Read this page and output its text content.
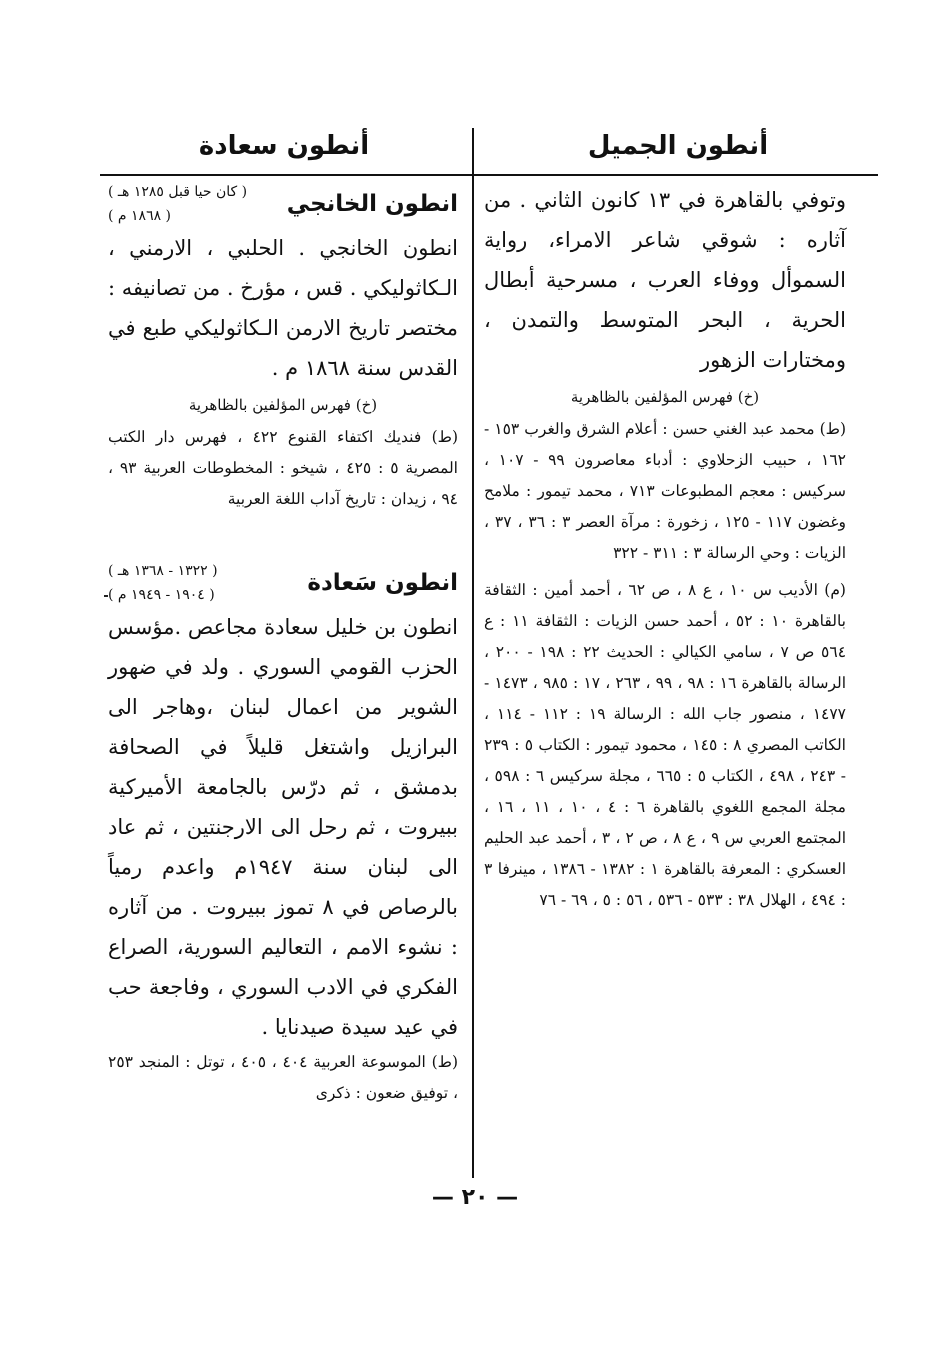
أنطون الجميل
أنطون سعادة

وتوفي بالقاهرة في ١٣ كانون الثاني . من آثاره : شوقي شاعر الامراء، رواية السموأل ووفاء العرب ، مسرحية أبطال الحرية ، البحر المتوسط والتمدن ، ومختارات الزهور

(خ) فهرس المؤلفين بالظاهرية

(ط) محمد عبد الغني حسن : أعلام الشرق والغرب ١٥٣ - ١٦٢ ، حبيب الزحلاوي : أدباء معاصرون ٩٩ - ١٠٧ ، سركيس : معجم المطبوعات ٧١٣ ، محمد تيمور : ملامح وغضون ١١٧ - ١٢٥ ، زخورة : مرآة العصر ٣ : ٣٦ ، ٣٧ ، الزيات : وحي الرسالة ٣ : ٣١١ - ٣٢٢

(م) الأديب س ١٠ ، ع ٨ ، ص ٦٢ ، أحمد أمين : الثقافة بالقاهرة ١٠ : ٥٢ ، أحمد حسن الزيات : الثقافة ١١ : ع ٥٦٤ ص ٧ ، سامي الكيالي : الحديث ٢٢ : ١٩٨ - ٢٠٠ ، الرسالة بالقاهرة ١٦ : ٩٨ ، ٩٩ ، ٢٦٣ ، ١٧ : ٩٨٥ ، ١٤٧٣ - ١٤٧٧ ، منصور جاب الله : الرسالة ١٩ : ١١٢ - ١١٤ ، الكاتب المصري ٨ : ١٤٥ ، محمود تيمور : الكتاب ٥ : ٢٣٩ - ٢٤٣ ، ٤٩٨ ، الكتاب ٥ : ٦٦٥ ، مجلة سركيس ٦ : ٥٩٨ ، مجلة المجمع اللغوي بالقاهرة ٦ : ٤ ، ١٠ ، ١١ ، ١٦ ، المجتمع العربي س ٩ ، ع ٨ ، ص ٢ ، ٣ ، أحمد عبد الحليم العسكري : المعرفة بالقاهرة ١ : ١٣٨٢ - ١٣٨٦ ، مينرفا ٣ : ٤٩٤ ، الهلال ٣٨ : ٥٣٣ - ٥٣٦ ، ٥٦ : ٥ ، ٦٩ - ٧٦

انطون الخانجي
( كان حيا قبل ١٢٨٥ هـ )
( ١٨٦٨ م )

انطون الخانجي . الحلبي ، الارمني ، الـكاثوليكي . قس ، مؤرخ . من تصانيفه : مختصر تاريخ الارمن الـكاثوليكي طبع في القدس سنة ١٨٦٨ م .

(خ) فهرس المؤلفين بالظاهرية

(ط) فنديك اكتفاء القنوع ٤٢٢ ، فهرس دار الكتب المصرية ٥ : ٤٢٥ ، شيخو : المخطوطات العربية ٩٣ ، ٩٤ ، زيدان : تاريخ آداب اللغة العربية

انطون سَعادة
( ١٣٢٢ - ١٣٦٨ هـ )
( ١٩٠٤ - ١٩٤٩ م )

انطون بن خليل سعادة مجاعص .مؤسس الحزب القومي السوري . ولد في ضهور الشوير من اعمال لبنان ،وهاجر الى البرازيل واشتغل قليلاً في الصحافة بدمشق ، ثم درّس بالجامعة الأميركية ببيروت ، ثم رحل الى الارجنتين ، ثم عاد الى لبنان سنة ١٩٤٧م واعدم رمياً بالرصاص في ٨ تموز ببيروت . من آثاره : نشوء الامم ، التعاليم السورية، الصراع الفكري في الادب السوري ، وفاجعة حب في عيد سيدة صيدنايا .

(ط) الموسوعة العربية ٤٠٤ ، ٤٠٥ ، توتل : المنجد ٢٥٣ ، توفيق ضعون : ذكرى

— ٢٠ —
